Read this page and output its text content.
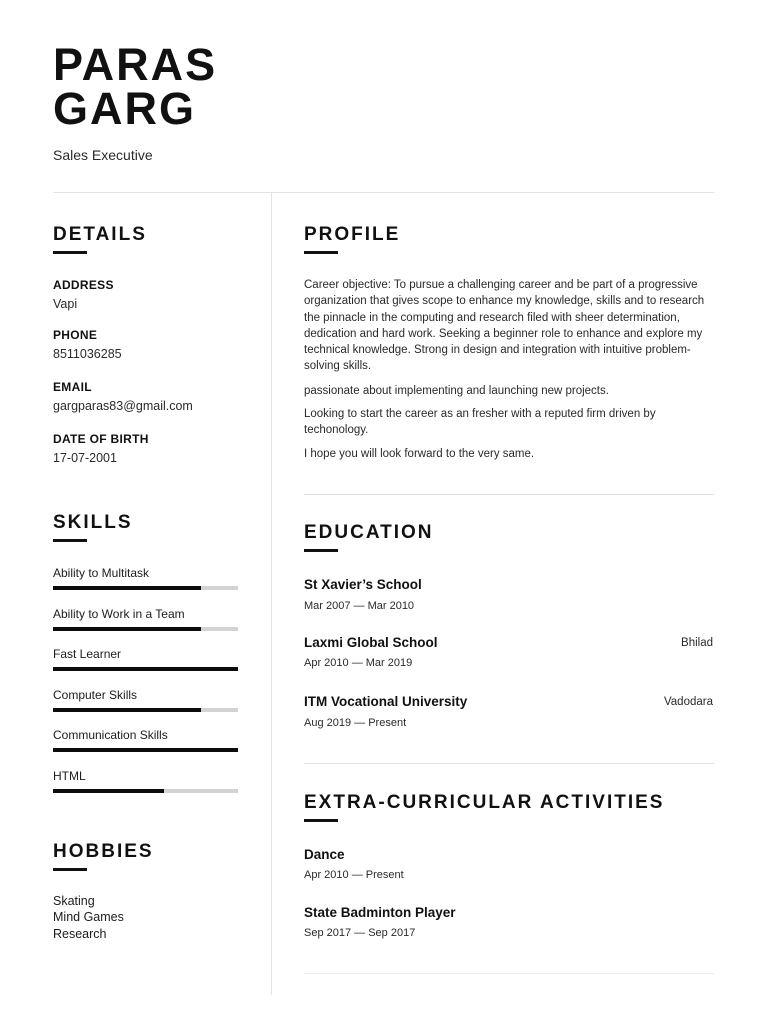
PARAS
GARG
Sales Executive
DETAILS
ADDRESS
Vapi
PHONE
8511036285
EMAIL
gargparas83@gmail.com
DATE OF BIRTH
17-07-2001
SKILLS
Ability to Multitask
Ability to Work in a Team
Fast Learner
Computer Skills
Communication Skills
HTML
HOBBIES
Skating
Mind Games
Research
PROFILE
Career objective: To pursue a challenging career and be part of a progressive organization that gives scope to enhance my knowledge, skills and to research the pinnacle in the computing and research filed with sheer determination, dedication and hard work. Seeking a beginner role to enhance and explore my technical knowledge. Strong in design and integration with intuitive problem-solving skills.
passionate about implementing and launching new projects.
Looking to start the career as an fresher with a reputed firm driven by techonology.
I hope you will look forward to the very same.
EDUCATION
St Xavier’s School
Mar 2007 — Mar 2010
Laxmi Global School	Bhilad
Apr 2010 — Mar 2019
ITM Vocational University	Vadodara
Aug 2019 — Present
EXTRA-CURRICULAR ACTIVITIES
Dance
Apr 2010 — Present
State Badminton Player
Sep 2017 — Sep 2017
